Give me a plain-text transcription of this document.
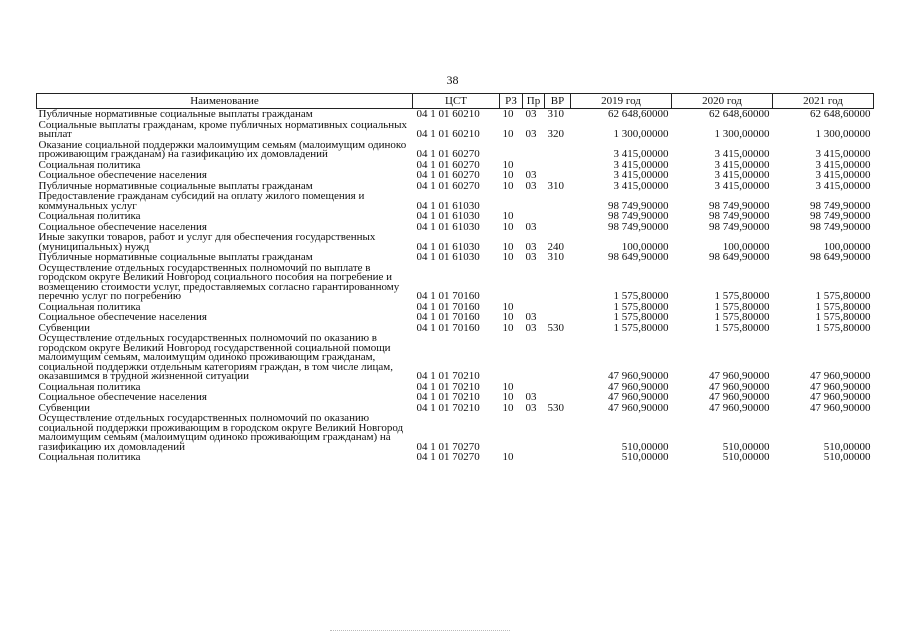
38
Наименование	ЦСТ	РЗ	Пр	ВР	2019 год	2020 год	2021 год
Публичные нормативные социальные выплаты гражданам	04 1 01 60210	10	03	310	62 648,60000	62 648,60000	62 648,60000
Социальные выплаты гражданам, кроме публичных нормативных социальных выплат	04 1 01 60210	10	03	320	1 300,00000	1 300,00000	1 300,00000
Оказание социальной поддержки малоимущим семьям (малоимущим одиноко проживающим гражданам) на газификацию их домовладений	04 1 01 60270				3 415,00000	3 415,00000	3 415,00000
Социальная политика	04 1 01 60270	10			3 415,00000	3 415,00000	3 415,00000
Социальное обеспечение населения	04 1 01 60270	10	03		3 415,00000	3 415,00000	3 415,00000
Публичные нормативные социальные выплаты гражданам	04 1 01 60270	10	03	310	3 415,00000	3 415,00000	3 415,00000
Предоставление гражданам субсидий на оплату жилого помещения и коммунальных услуг	04 1 01 61030				98 749,90000	98 749,90000	98 749,90000
Социальная политика	04 1 01 61030	10			98 749,90000	98 749,90000	98 749,90000
Социальное обеспечение населения	04 1 01 61030	10	03		98 749,90000	98 749,90000	98 749,90000
Иные закупки товаров, работ и услуг для обеспечения государственных (муниципальных) нужд	04 1 01 61030	10	03	240	100,00000	100,00000	100,00000
Публичные нормативные социальные выплаты гражданам	04 1 01 61030	10	03	310	98 649,90000	98 649,90000	98 649,90000
Осуществление отдельных государственных полномочий по выплате в городском округе Великий Новгород социального пособия на погребение и возмещению стоимости услуг, предоставляемых согласно гарантированному перечню услуг по погребению	04 1 01 70160				1 575,80000	1 575,80000	1 575,80000
Социальная политика	04 1 01 70160	10			1 575,80000	1 575,80000	1 575,80000
Социальное обеспечение населения	04 1 01 70160	10	03		1 575,80000	1 575,80000	1 575,80000
Субвенции	04 1 01 70160	10	03	530	1 575,80000	1 575,80000	1 575,80000
Осуществление отдельных государственных полномочий по оказанию в городском округе Великий Новгород государственной социальной помощи малоимущим семьям, малоимущим одиноко проживающим гражданам, социальной поддержки отдельным категориям граждан, в том числе лицам, оказавшимся в трудной жизненной ситуации	04 1 01 70210				47 960,90000	47 960,90000	47 960,90000
Социальная политика	04 1 01 70210	10			47 960,90000	47 960,90000	47 960,90000
Социальное обеспечение населения	04 1 01 70210	10	03		47 960,90000	47 960,90000	47 960,90000
Субвенции	04 1 01 70210	10	03	530	47 960,90000	47 960,90000	47 960,90000
Осуществление отдельных государственных полномочий по оказанию социальной поддержки проживающим в городском округе Великий Новгород малоимущим семьям (малоимущим одиноко проживающим гражданам) на газификацию их домовладений	04 1 01 70270				510,00000	510,00000	510,00000
Социальная политика	04 1 01 70270	10			510,00000	510,00000	510,00000
